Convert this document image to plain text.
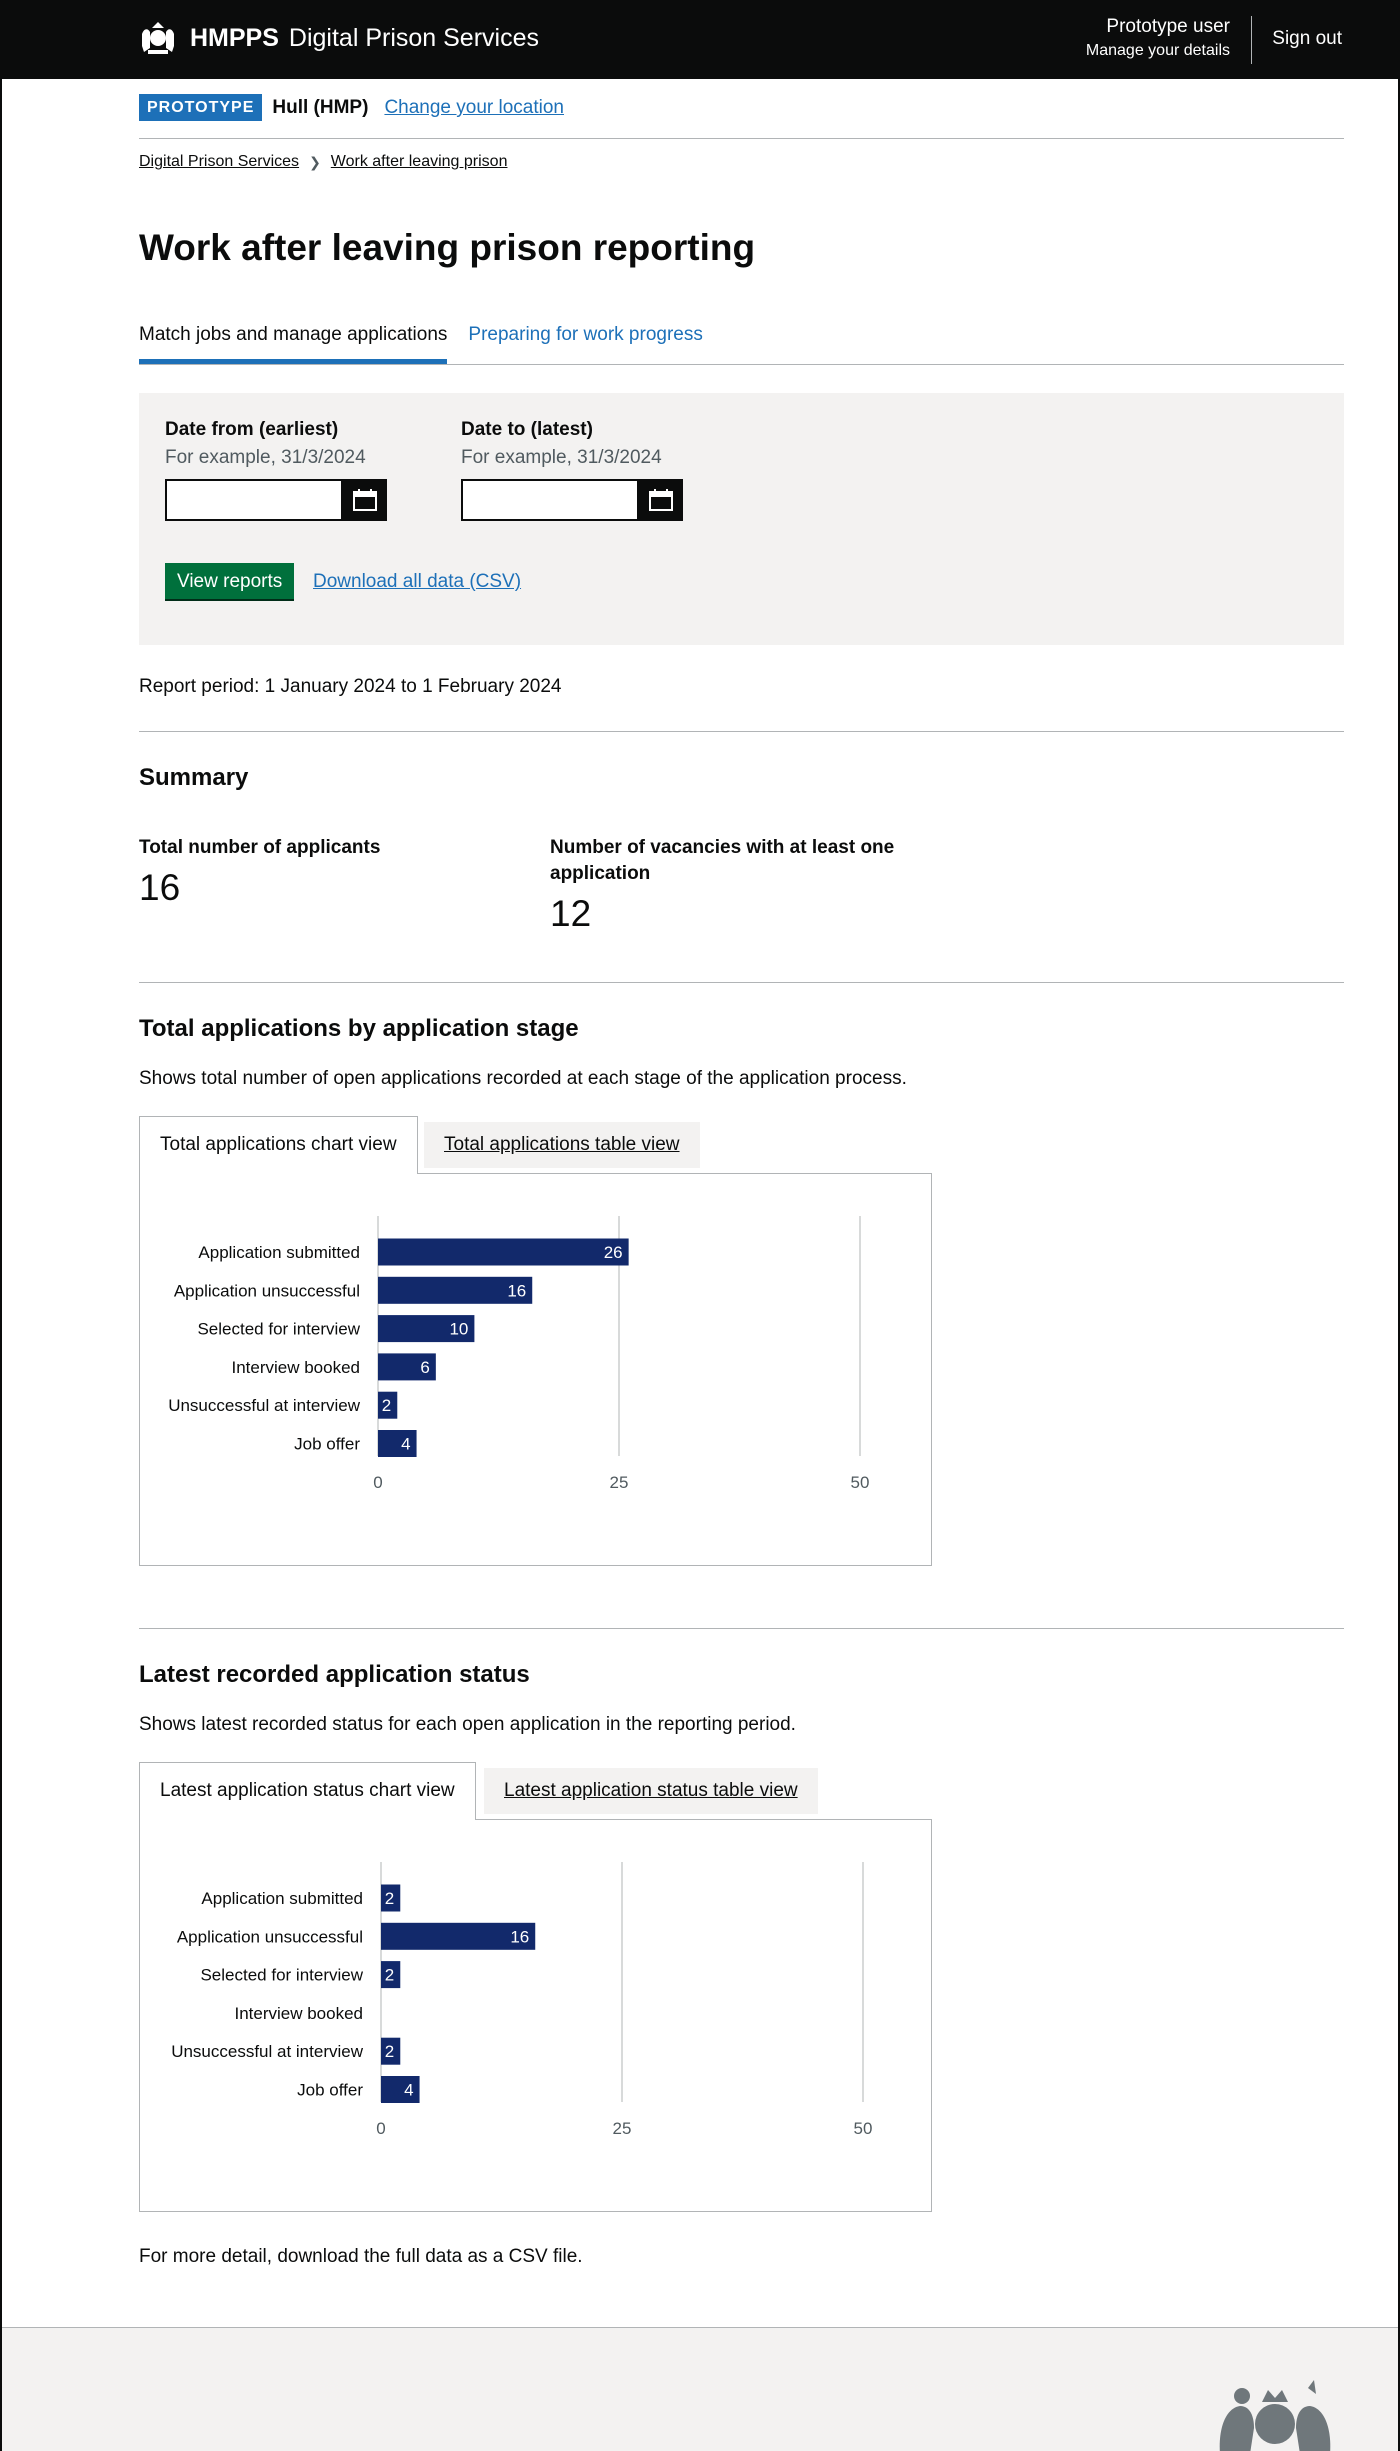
HMPPS Digital Prison Services	Prototype user
Manage your details
Sign out
PROTOTYPE Hull (HMP) Change your location
Digital Prison Services ❯ Work after leaving prison
Work after leaving prison reporting
Match jobs and manage applications Preparing for work progress
Date from (earliest)
For example, 31/3/2024
Date to (latest)
For example, 31/3/2024
View reports	Download all data (CSV)
Report period: 1 January 2024 to 1 February 2024
Summary
Total number of applicants
16
Number of vacancies with at least one
application
12
Total applications by application stage
Shows total number of open applications recorded at each stage of the application process.
Total applications chart view	Total applications table view
0	25	50
Application submitted	26
Application unsuccessful	16
Selected for interview	10
Interview booked	6
Unsuccessful at interview 2
Job offer 4
Latest recorded application status
Shows latest recorded status for each open application in the reporting period.
Latest application status chart view	Latest application status table view
0	25	50
Application submitted 2
Application unsuccessful	16
Selected for interview 2
Interview booked
Unsuccessful at interview 2
Job offer 4
For more detail, download the full data as a CSV file.
